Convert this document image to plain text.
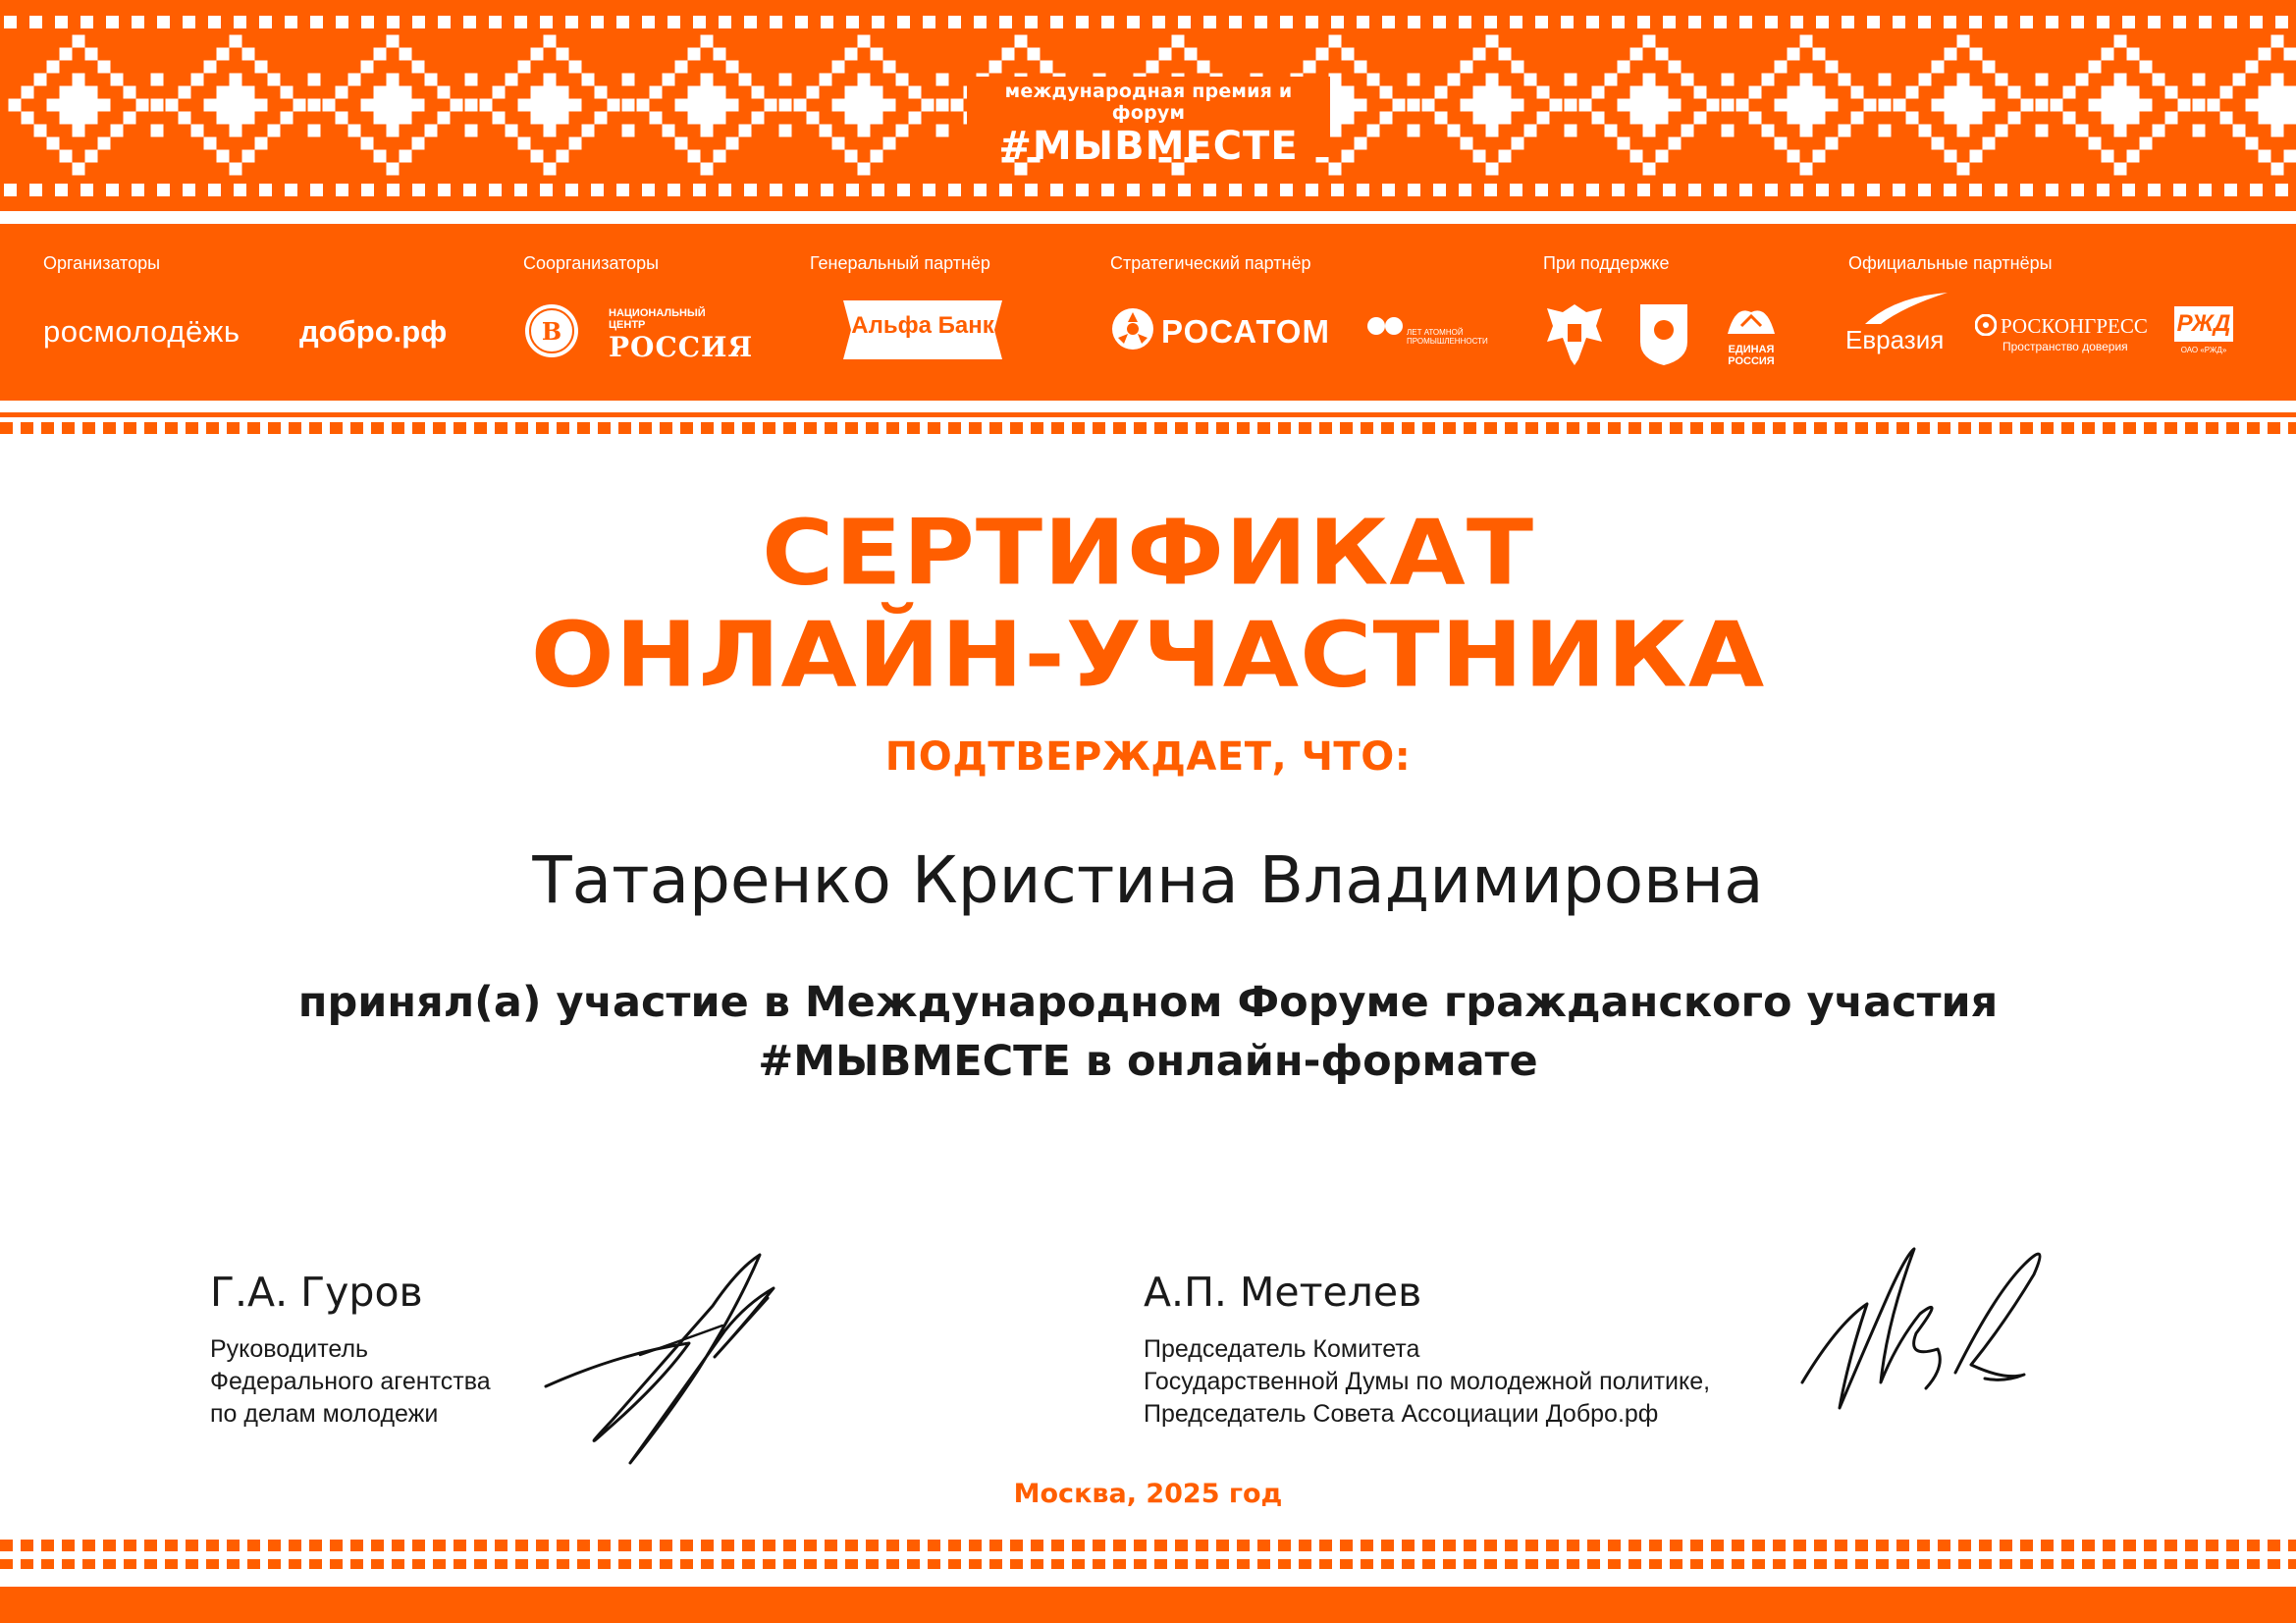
международная премия и форум
#МЫВМЕСТЕ
Организаторы
росмолодёжь добро.рф
Соорганизаторы
В
НАЦИОНАЛЬНЫЙ ЦЕНТР
РОССИЯ
Генеральный партнёр
Альфа Банк
Стратегический партнёр
РОСАТОМ	ЛЕТ АТОМНОЙ ПРОМЫШЛЕННОСТИ
При поддержке
ЕДИНАЯ РОССИЯ
Официальные партнёры
Евразия	РОСКОНГРЕСС
Пространство доверия
РЖД
ОАО «РЖД»
СЕРТИФИКАТ
ОНЛАЙН-УЧАСТНИКА
ПОДТВЕРЖДАЕТ, ЧТО:
Татаренко Кристина Владимировна
принял(а) участие в Международном Форуме гражданского участия
#МЫВМЕСТЕ в онлайн-формате
Г.А. Гуров
Руководитель
Федерального агентства
по делам молодежи
А.П. Метелев
Председатель Комитета
Государственной Думы по молодежной политике,
Председатель Совета Ассоциации Добро.рф
Москва, 2025 год
